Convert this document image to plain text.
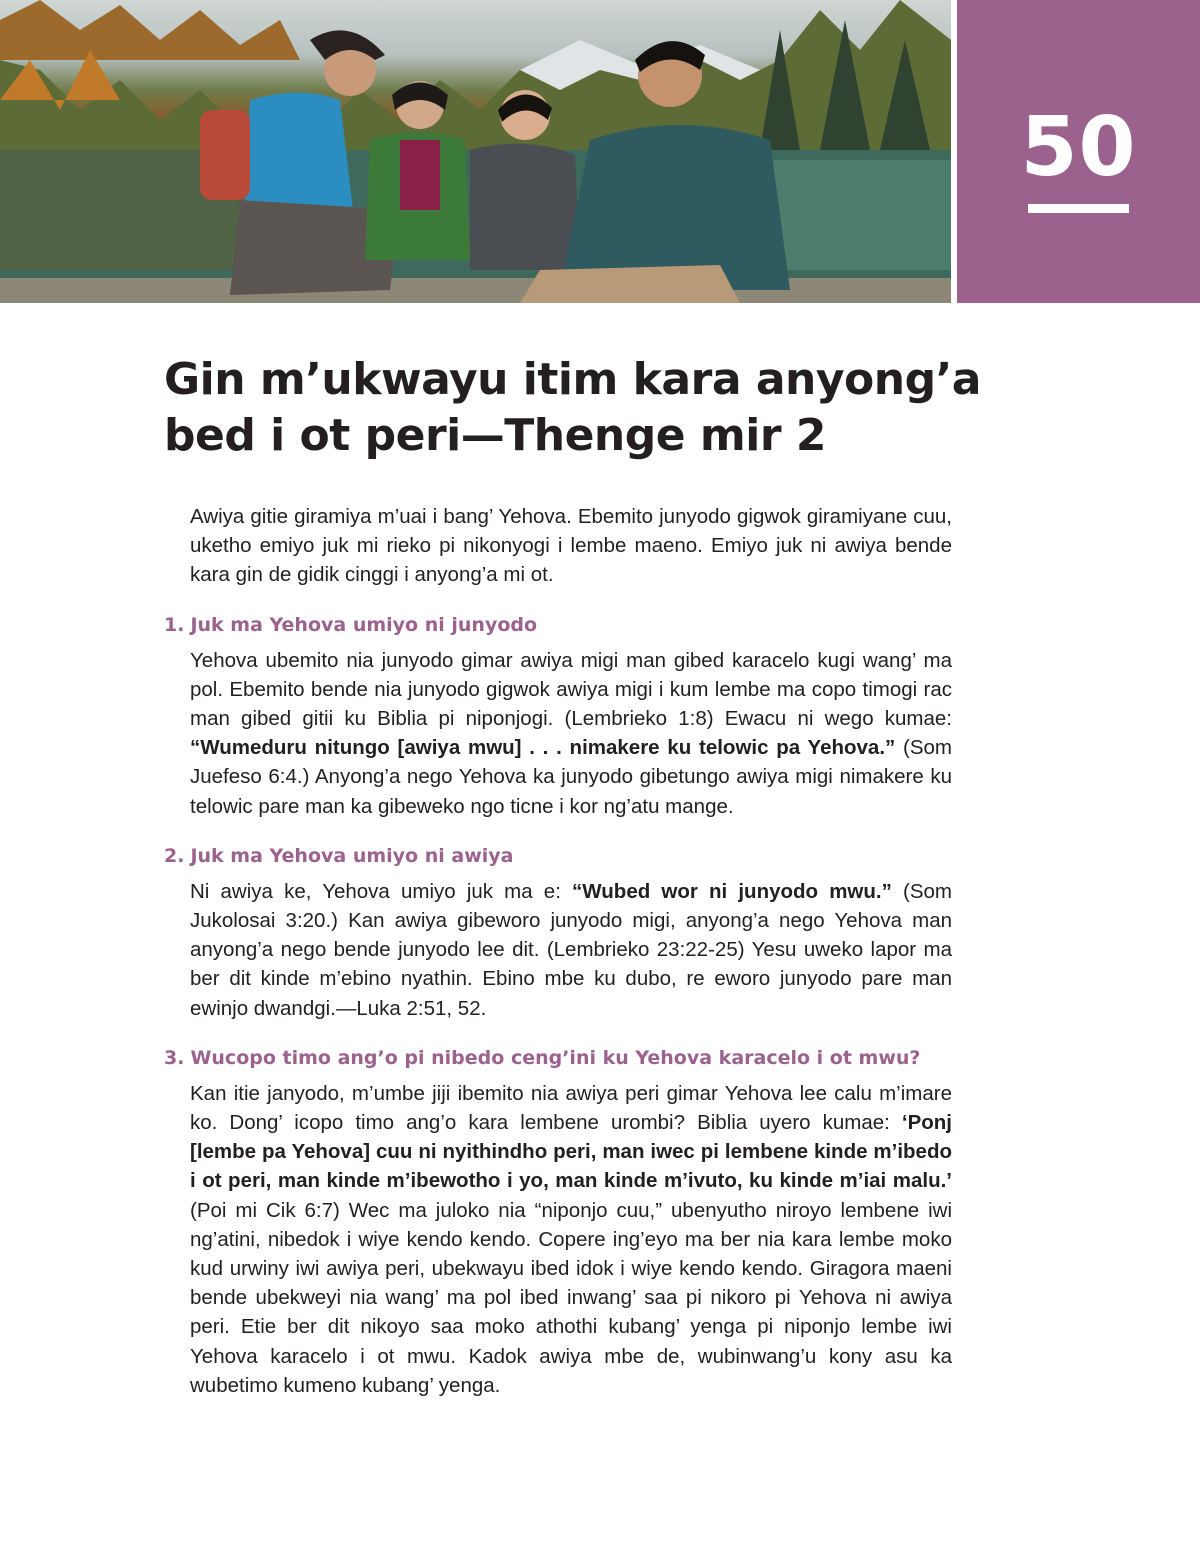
50
Gin m’ukwayu itim kara anyong’a
bed i ot peri—Thenge mir 2

Awiya gitie giramiya m’uai i bang’ Yehova. Ebemito junyodo gigwok giramiyane cuu, uketho emiyo juk mi rieko pi nikonyogi i lembe maeno. Emiyo juk ni awiya bende kara gin de gidik cinggi i anyong’a mi ot.

1. Juk ma Yehova umiyo ni junyodo

Yehova ubemito nia junyodo gimar awiya migi man gibed karacelo kugi wang’ ma pol. Ebemito bende nia junyodo gigwok awiya migi i kum lembe ma copo timogi rac man gibed gitii ku Biblia pi niponjogi. (Lembrieko 1:8) Ewacu ni wego kumae: “Wumeduru nitungo [awiya mwu] . . . nimakere ku telowic pa Yehova.” (Som Juefeso 6:4.) Anyong’a nego Yehova ka junyodo gibetungo awiya migi nimakere ku telowic pare man ka gibeweko ngo ticne i kor ng’atu mange.

2. Juk ma Yehova umiyo ni awiya

Ni awiya ke, Yehova umiyo juk ma e: “Wubed wor ni junyodo mwu.” (Som Jukolosai 3:20.) Kan awiya gibeworo junyodo migi, anyong’a nego Yehova man anyong’a nego bende junyodo lee dit. (Lembrieko 23:22-25) Yesu uweko lapor ma ber dit kinde m’ebino nyathin. Ebino mbe ku dubo, re eworo junyodo pare man ewinjo dwandgi.—Luka 2:51, 52.

3. Wucopo timo ang’o pi nibedo ceng’ini ku Yehova karacelo i ot mwu?

Kan itie janyodo, m’umbe jiji ibemito nia awiya peri gimar Yehova lee calu m’imare ko. Dong’ icopo timo ang’o kara lembene urombi? Biblia uyero kumae: ‘Ponj [lembe pa Yehova] cuu ni nyithindho peri, man iwec pi lembene kinde m’ibedo i ot peri, man kinde m’ibewotho i yo, man kinde m’ivuto, ku kinde m’iai malu.’ (Poi mi Cik 6:7) Wec ma juloko nia “niponjo cuu,” ubenyutho niroyo lembene iwi ng’atini, nibedok i wiye kendo kendo. Copere ing’eyo ma ber nia kara lembe moko kud urwiny iwi awiya peri, ubekwayu ibed idok i wiye kendo kendo. Giragora maeni bende ubekweyi nia wang’ ma pol ibed inwang’ saa pi nikoro pi Yehova ni awiya peri. Etie ber dit nikoyo saa moko athothi kubang’ yenga pi niponjo lembe iwi Yehova karacelo i ot mwu. Kadok awiya mbe de, wubinwang’u kony asu ka wubetimo kumeno kubang’ yenga.
